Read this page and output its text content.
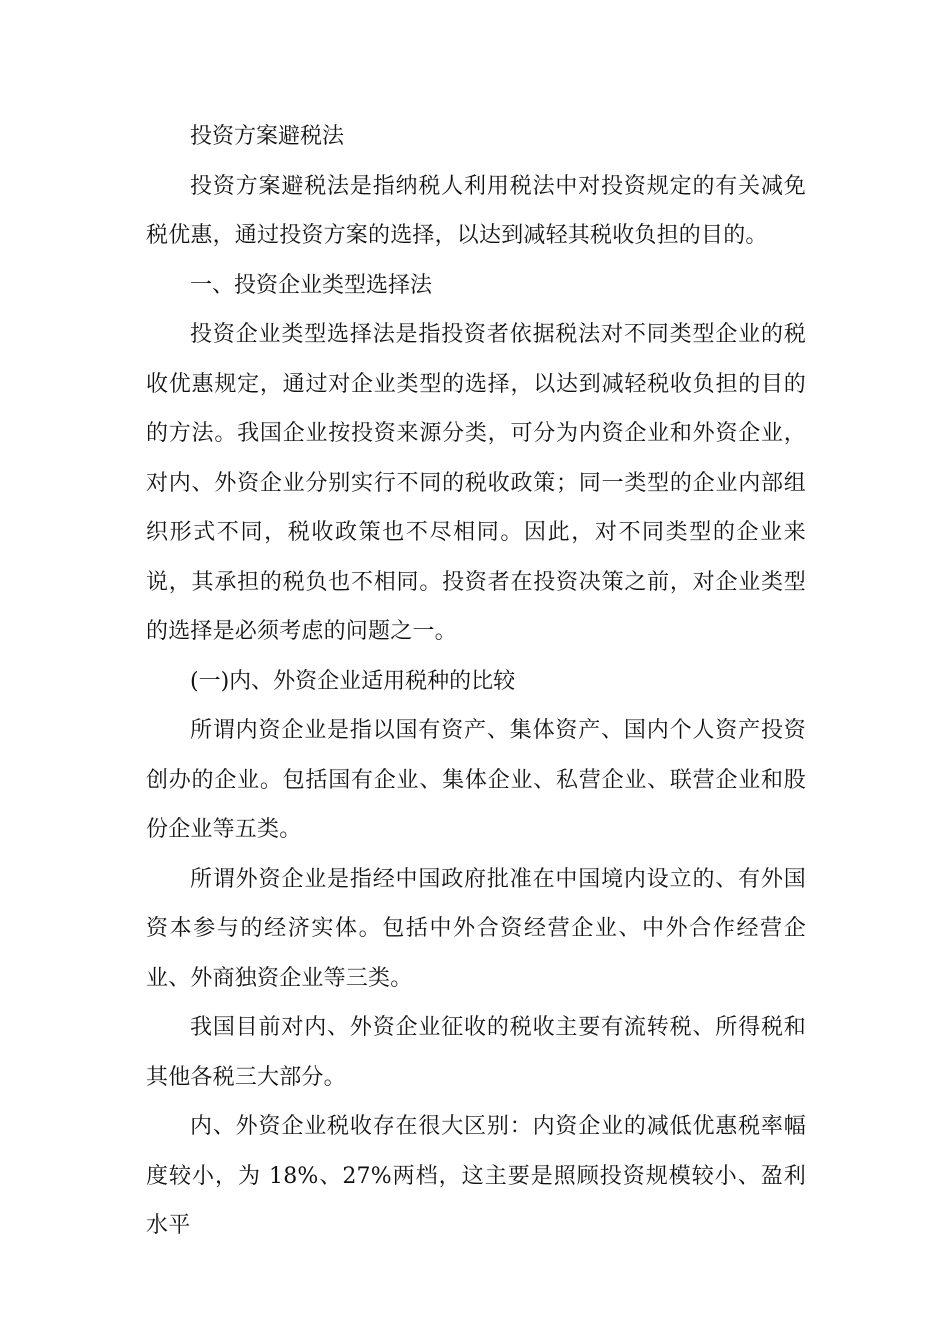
投资方案避税法

投资方案避税法是指纳税人利用税法中对投资规定的有关减免税优惠，通过投资方案的选择，以达到减轻其税收负担的目的。

一、投资企业类型选择法

投资企业类型选择法是指投资者依据税法对不同类型企业的税收优惠规定，通过对企业类型的选择，以达到减轻税收负担的目的的方法。我国企业按投资来源分类，可分为内资企业和外资企业，对内、外资企业分别实行不同的税收政策；同一类型的企业内部组织形式不同，税收政策也不尽相同。因此，对不同类型的企业来说，其承担的税负也不相同。投资者在投资决策之前，对企业类型的选择是必须考虑的问题之一。

(一)内、外资企业适用税种的比较

所谓内资企业是指以国有资产、集体资产、国内个人资产投资创办的企业。包括国有企业、集体企业、私营企业、联营企业和股份企业等五类。

所谓外资企业是指经中国政府批准在中国境内设立的、有外国资本参与的经济实体。包括中外合资经营企业、中外合作经营企业、外商独资企业等三类。

我国目前对内、外资企业征收的税收主要有流转税、所得税和其他各税三大部分。

内、外资企业税收存在很大区别：内资企业的减低优惠税率幅度较小，为 18%、27%两档，这主要是照顾投资规模较小、盈利水平
